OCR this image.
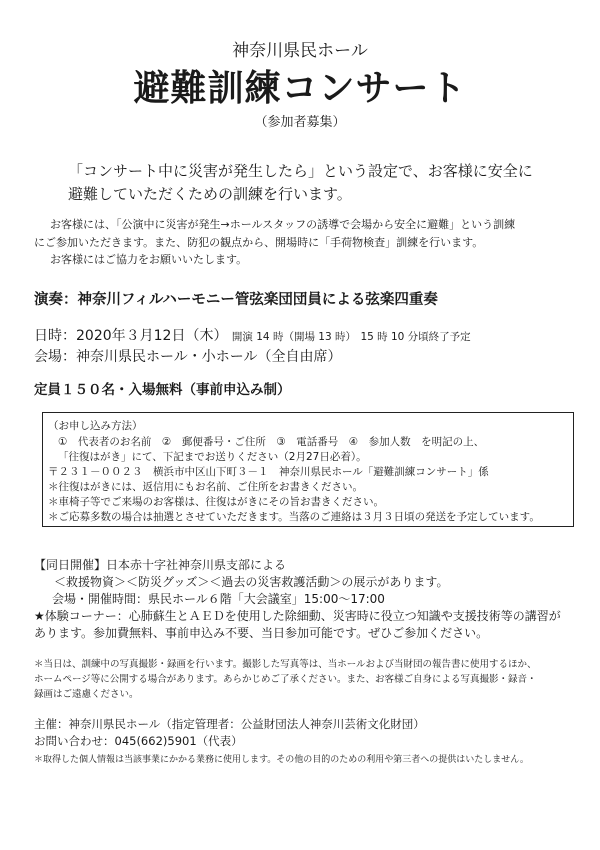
神奈川県民ホール
避難訓練コンサート
（参加者募集）
「コンサート中に災害が発生したら」という設定で、お客様に安全に
避難していただくための訓練を行います。
お客様には、「公演中に災害が発生→ホールスタッフの誘導で会場から安全に避難」という訓練
にご参加いただきます。また、防犯の観点から、開場時に「手荷物検査」訓練を行います。
お客様にはご協力をお願いいたします。
演奏：神奈川フィルハーモニー管弦楽団団員による弦楽四重奏
日時：2020年３月12日（木） 開演 14 時（開場 13 時） 15 時 10 分頃終了予定
会場：神奈川県民ホール・小ホール（全自由席）
定員１５０名・入場無料（事前申込み制）
（お申し込み方法）
①　代表者のお名前　②　郵便番号・ご住所　③　電話番号　④　参加人数　を明記の上、
「往復はがき」にて、下記までお送りください（2月27日必着）。
〒２３１－００２３　横浜市中区山下町３－１　神奈川県民ホール「避難訓練コンサート」係
＊往復はがきには、返信用にもお名前、ご住所をお書きください。
＊車椅子等でご来場のお客様は、往復はがきにその旨お書きください。
＊ご応募多数の場合は抽選とさせていただきます。当落のご連絡は３月３日頃の発送を予定しています。
【同日開催】日本赤十字社神奈川県支部による
＜救援物資＞＜防災グッズ＞＜過去の災害救護活動＞の展示があります。
会場・開催時間：県民ホール６階「大会議室」15:00～17:00
★体験コーナー：心肺蘇生とＡＥＤを使用した除細動、災害時に役立つ知識や支援技術等の講習が
あります。参加費無料、事前申込み不要、当日参加可能です。ぜひご参加ください。
＊当日は、訓練中の写真撮影・録画を行います。撮影した写真等は、当ホールおよび当財団の報告書に使用するほか、
ホームページ等に公開する場合があります。あらかじめご了承ください。また、お客様ご自身による写真撮影・録音・
録画はご遠慮ください。
主催：神奈川県民ホール（指定管理者：公益財団法人神奈川芸術文化財団）
お問い合わせ：045(662)5901（代表）
＊取得した個人情報は当該事業にかかる業務に使用します。その他の目的のための利用や第三者への提供はいたしません。
